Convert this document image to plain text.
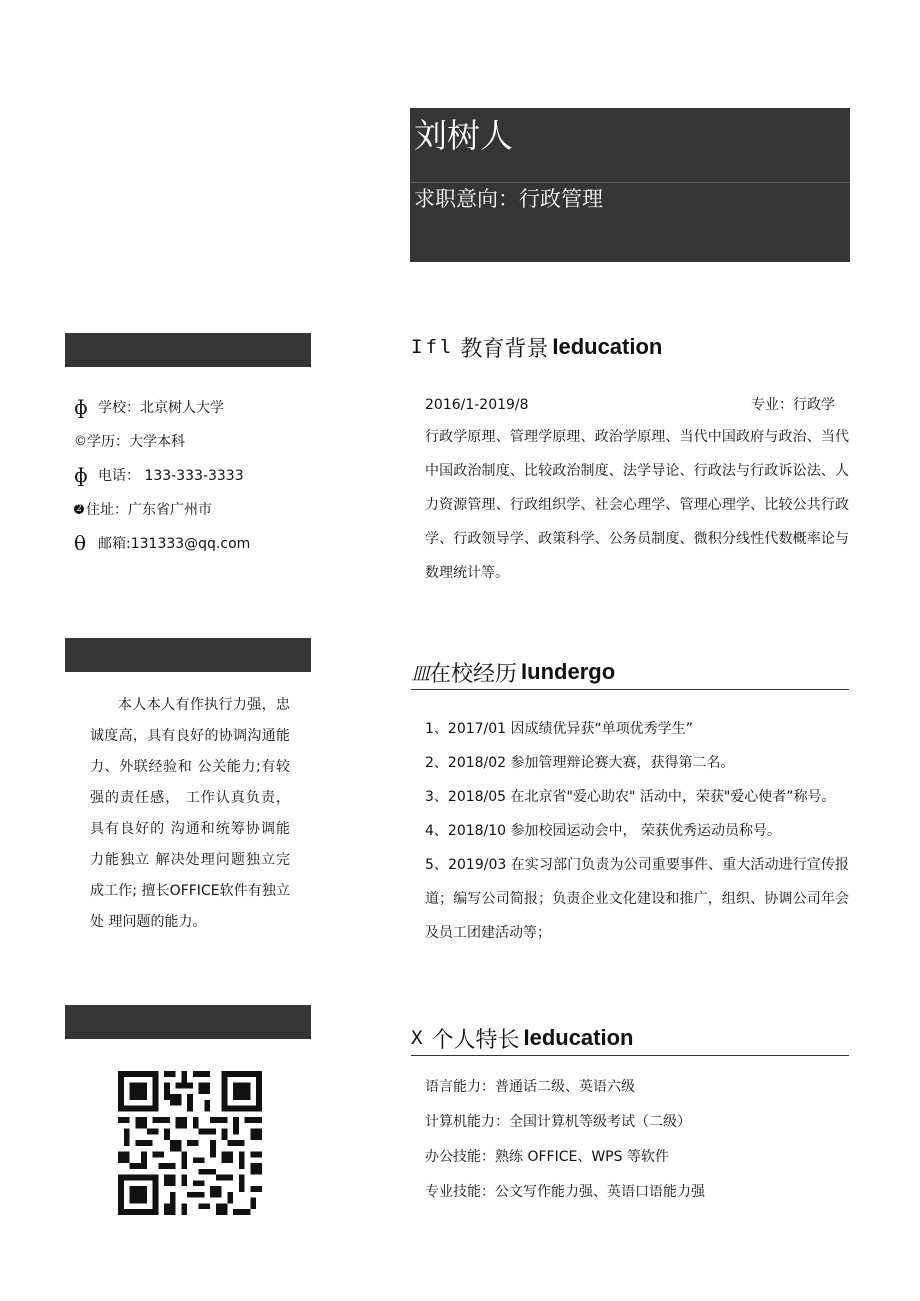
刘树人
求职意向：行政管理
ɸ 学校：北京树人大学
© 学历：大学本科
ɸ 电话： 133-333-3333
2 住址：广东省广州市
θ 邮箱:131333@qq.com
本人本人有作执行力强，忠诚度高，具有良好的协调沟通能力、外联经验和 公关能力;有较强的责任感， 工作认真负责，具有良好的 沟通和统筹协调能力能独立 解决处理问题独立完成工作; 擅长OFFICE软件有独立处 理问题的能力。
Ifl 教育背景 Ieducation
2016/1-2019/8	专业：行政学
行政学原理、管理学原理、政治学原理、当代中国政府与政治、当代中国政治制度、比较政治制度、法学导论、行政法与行政诉讼法、人力资源管理、行政组织学、社会心理学、管理心理学、比较公共行政学、行政领导学、政策科学、公务员制度、微积分线性代数概率论与数理统计等。
皿 在校经历 Iundergo
1、2017/01 因成绩优异获“单项优秀学生”
2、2018/02 参加管理辩论赛大赛，获得第二名。
3、2018/05 在北京省"爱心助农" 活动中，荣获"爱心使者”称号。
4、2018/10 参加校园运动会中， 荣获优秀运动员称号。
5、2019/03 在实习部门负责为公司重要事件、重大活动进行宣传报道；编写公司简报；负责企业文化建设和推广，组织、协调公司年会及员工团建活动等；
X 个人特长 Ieducation
语言能力：普通话二级、英语六级
计算机能力：全国计算机等级考试（二级）
办公技能：熟练 OFFICE、WPS 等软件
专业技能：公文写作能力强、英语口语能力强
